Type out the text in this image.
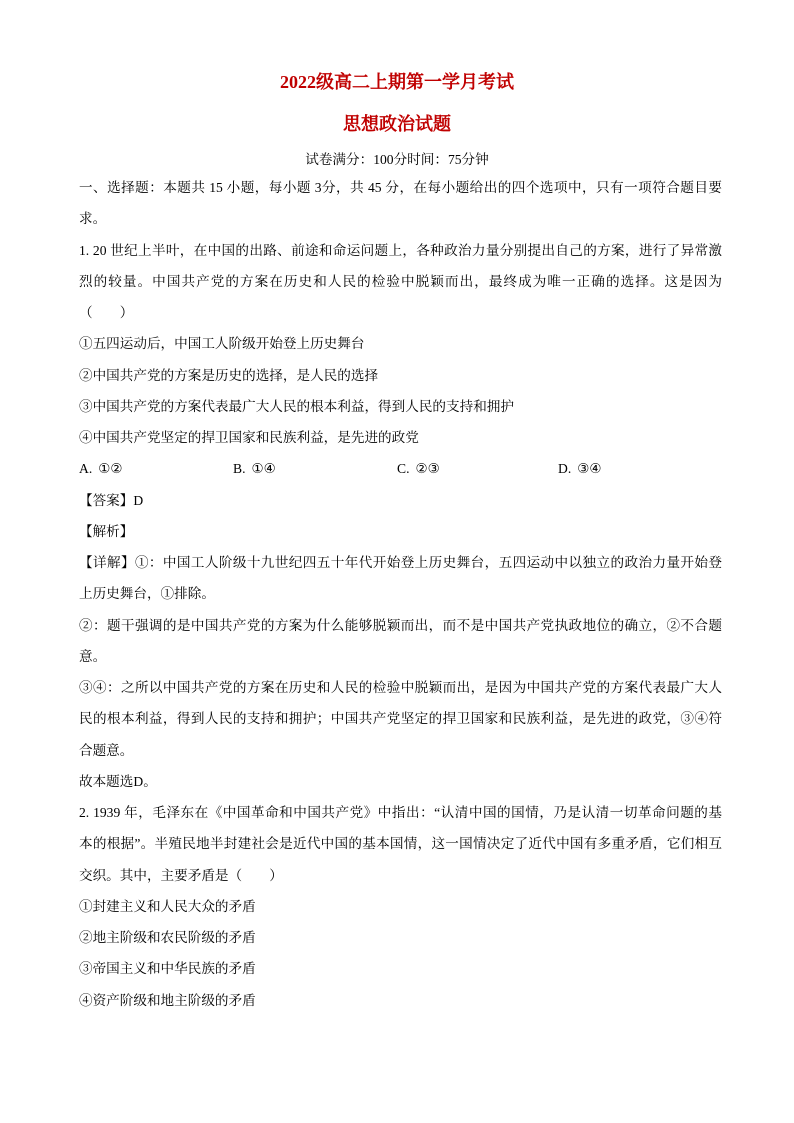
2022级高二上期第一学月考试
思想政治试题
试卷满分：100分时间：75分钟
一、选择题：本题共 15 小题，每小题 3分，共 45 分，在每小题给出的四个选项中，只有一项符合题目要
求。
1. 20 世纪上半叶，在中国的出路、前途和命运问题上，各种政治力量分别提出自己的方案，进行了异常激
烈的较量。中国共产党的方案在历史和人民的检验中脱颖而出，最终成为唯一正确的选择。这是因为
（　　）
①五四运动后，中国工人阶级开始登上历史舞台
②中国共产党的方案是历史的选择，是人民的选择
③中国共产党的方案代表最广大人民的根本利益，得到人民的支持和拥护
④中国共产党坚定的捍卫国家和民族利益，是先进的政党
A. ①②	B. ①④	C. ②③	D. ③④
【答案】D
【解析】
【详解】①：中国工人阶级十九世纪四五十年代开始登上历史舞台，五四运动中以独立的政治力量开始登
上历史舞台，①排除。
②：题干强调的是中国共产党的方案为什么能够脱颖而出，而不是中国共产党执政地位的确立，②不合题
意。
③④：之所以中国共产党的方案在历史和人民的检验中脱颖而出，是因为中国共产党的方案代表最广大人
民的根本利益，得到人民的支持和拥护；中国共产党坚定的捍卫国家和民族利益，是先进的政党，③④符
合题意。
故本题选D。
2. 1939 年，毛泽东在《中国革命和中国共产党》中指出：“认清中国的国情，乃是认清一切革命问题的基
本的根据”。半殖民地半封建社会是近代中国的基本国情，这一国情决定了近代中国有多重矛盾，它们相互
交织。其中，主要矛盾是（　　）
①封建主义和人民大众的矛盾
②地主阶级和农民阶级的矛盾
③帝国主义和中华民族的矛盾
④资产阶级和地主阶级的矛盾
